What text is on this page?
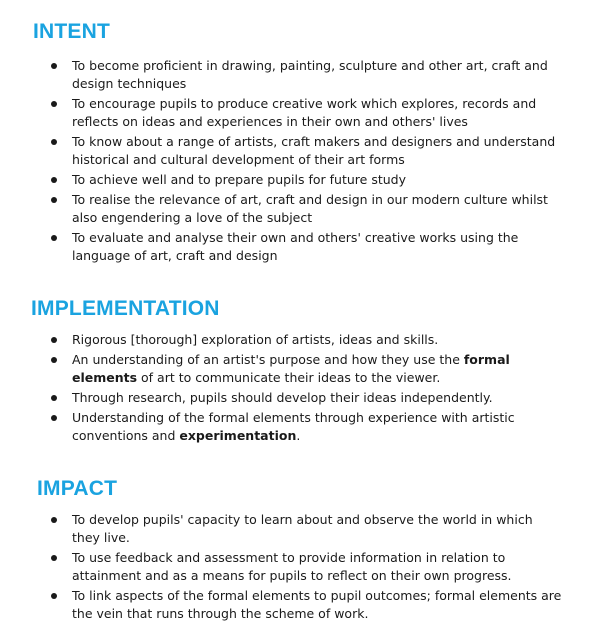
INTENT
To become proficient in drawing, painting, sculpture and other art, craft and design techniques
To encourage pupils to produce creative work which explores, records and reflects on ideas and experiences in their own and others' lives
To know about a range of artists, craft makers and designers and understand historical and cultural development of their art forms
To achieve well and to prepare pupils for future study
To realise the relevance of art, craft and design in our modern culture whilst also engendering a love of the subject
To evaluate and analyse their own and others' creative works using the language of art, craft and design
IMPLEMENTATION
Rigorous [thorough] exploration of artists, ideas and skills.
An understanding of an artist's purpose and how they use the formal elements of art to communicate their ideas to the viewer.
Through research, pupils should develop their ideas independently.
Understanding of the formal elements through experience with artistic conventions and experimentation.
IMPACT
To develop pupils' capacity to learn about and observe the world in which they live.
To use feedback and assessment to provide information in relation to attainment and as a means for pupils to reflect on their own progress.
To link aspects of the formal elements to pupil outcomes; formal elements are the vein that runs through the scheme of work.
